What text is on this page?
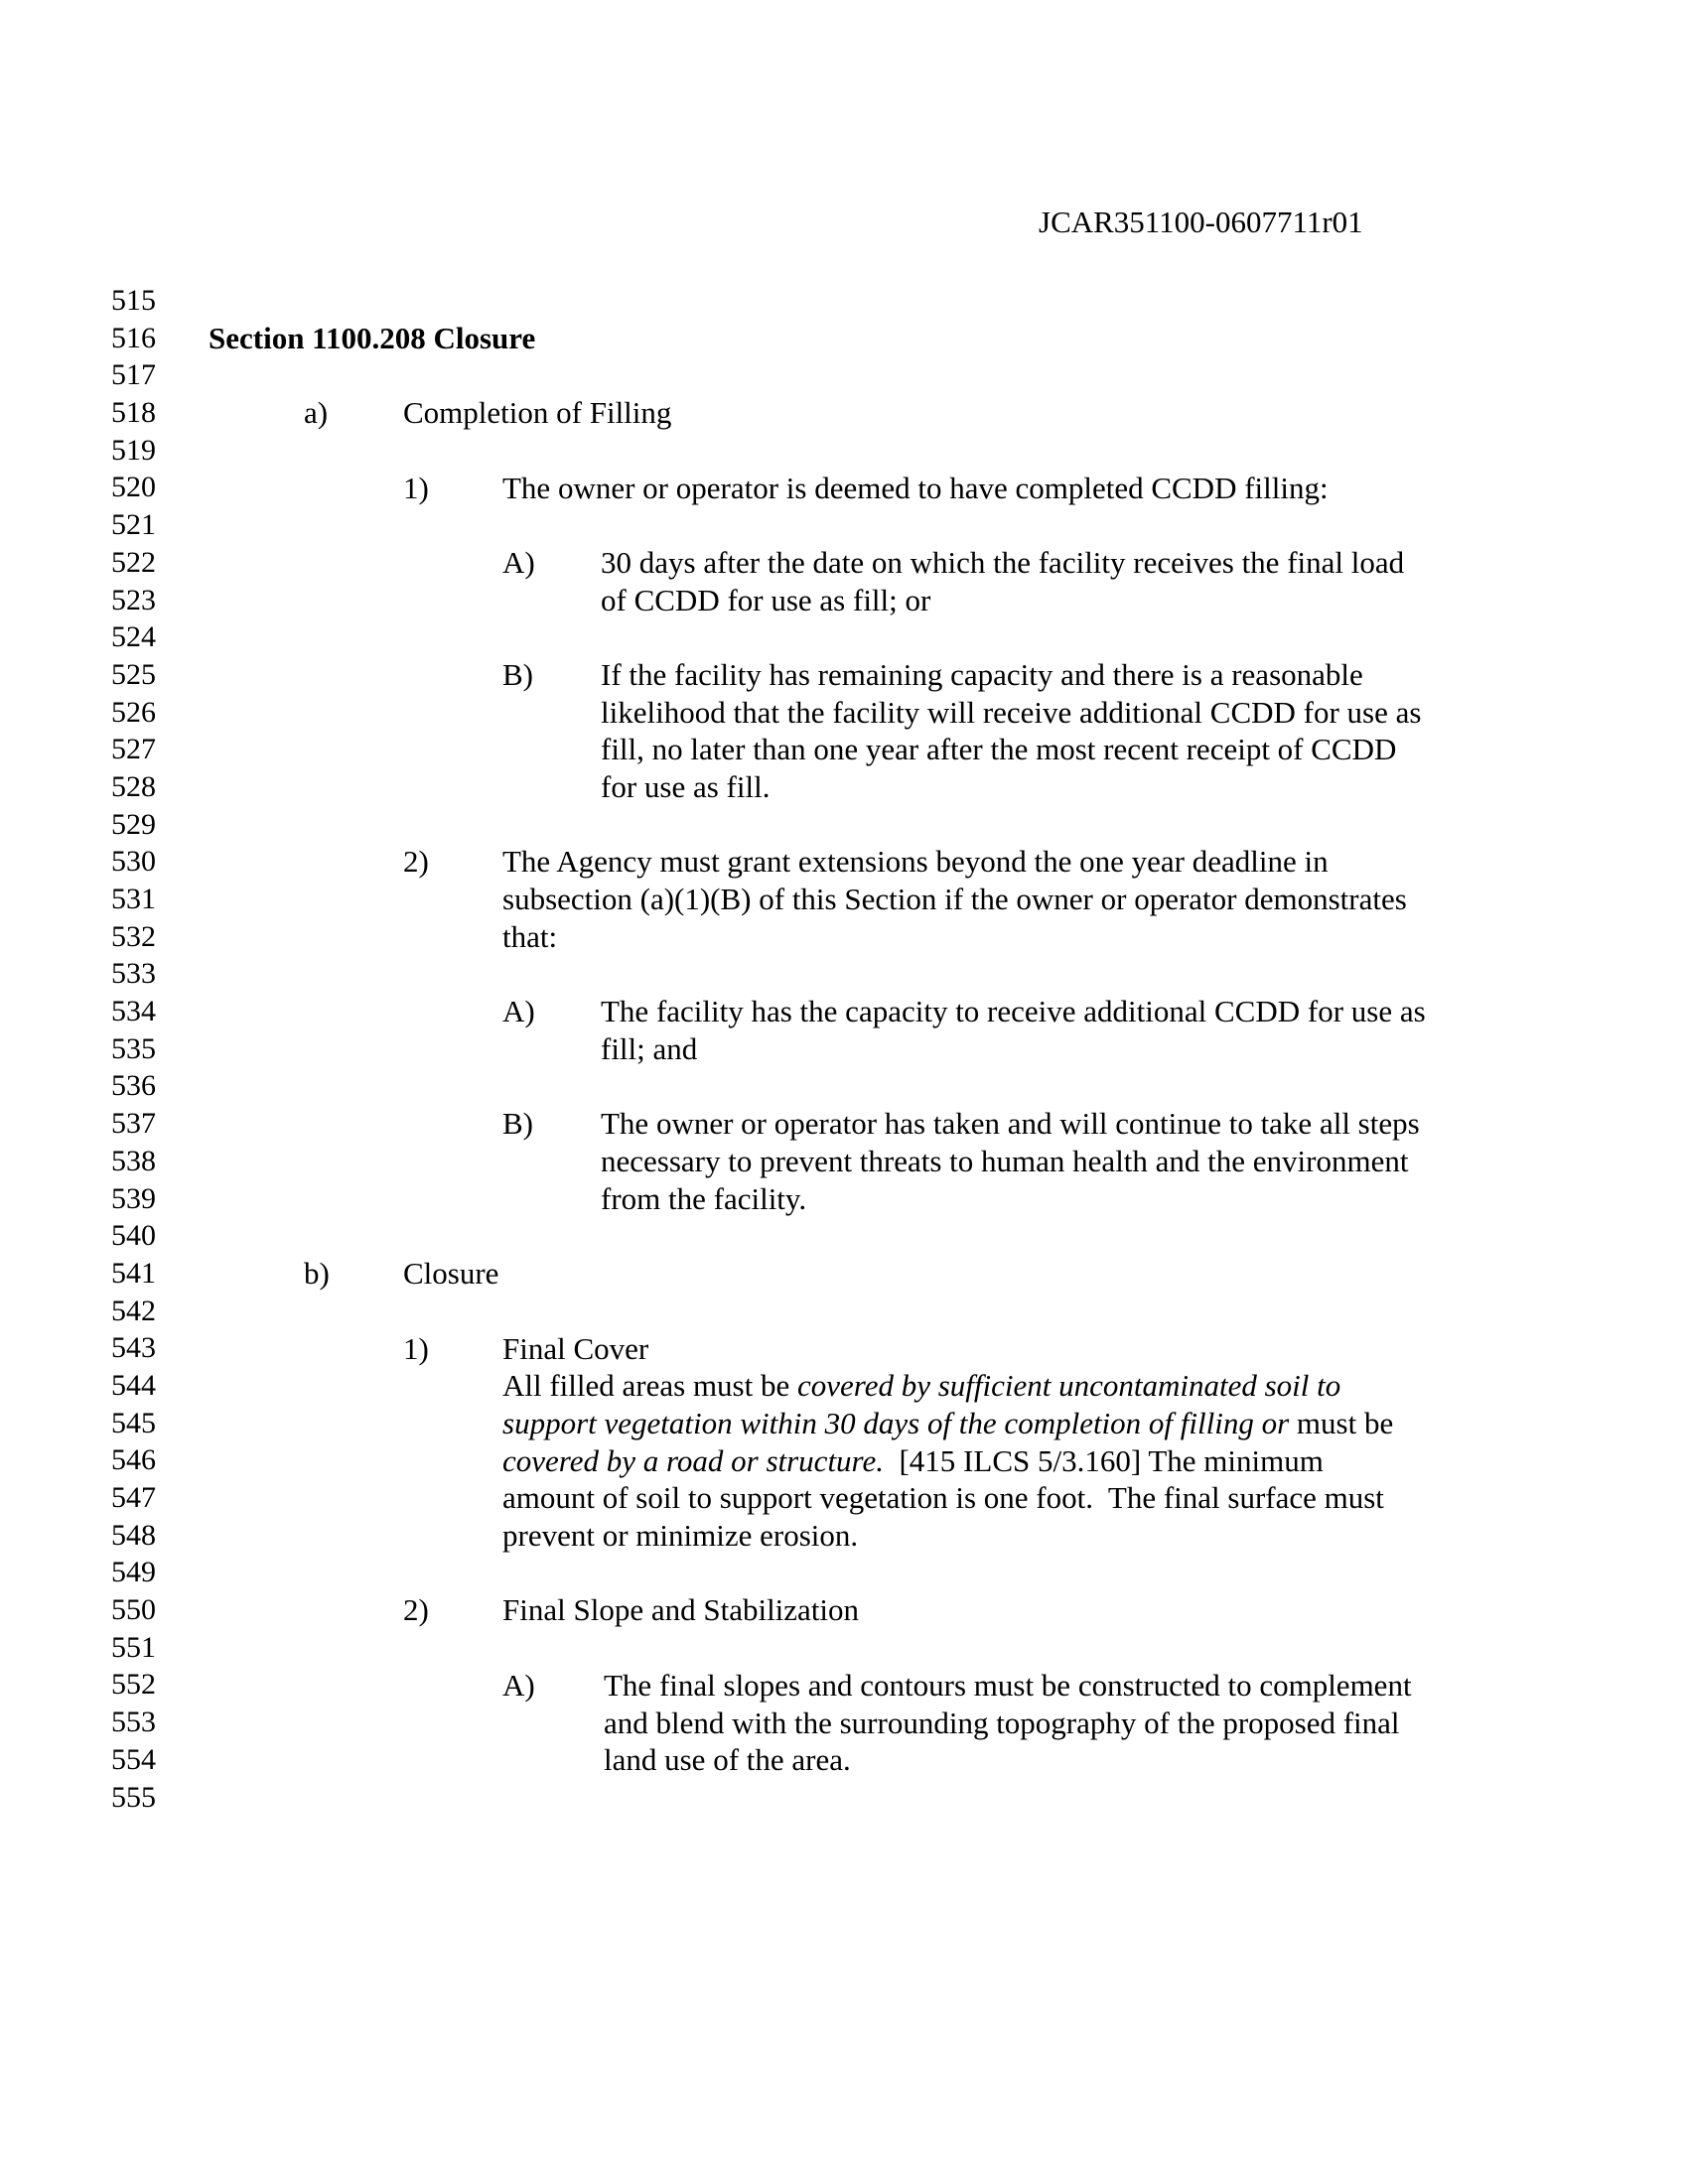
JCAR351100-0607711r01
515
516
517
518
519
520
521
522
523
524
525
526
527
528
529
530
531
532
533
534
535
536
537
538
539
540
541
542
543
544
545
546
547
548
549
550
551
552
553
554
555
Section 1100.208 Closure
a) Completion of Filling
1) The owner or operator is deemed to have completed CCDD filling:
A) 30 days after the date on which the facility receives the final load
of CCDD for use as fill; or
B) If the facility has remaining capacity and there is a reasonable
likelihood that the facility will receive additional CCDD for use as
fill, no later than one year after the most recent receipt of CCDD
for use as fill.
2) The Agency must grant extensions beyond the one year deadline in
subsection (a)(1)(B) of this Section if the owner or operator demonstrates
that:
A) The facility has the capacity to receive additional CCDD for use as
fill; and
B) The owner or operator has taken and will continue to take all steps
necessary to prevent threats to human health and the environment
from the facility.
b) Closure
1) Final Cover
All filled areas must be covered by sufficient uncontaminated soil to
support vegetation within 30 days of the completion of filling or must be
covered by a road or structure.  [415 ILCS 5/3.160] The minimum
amount of soil to support vegetation is one foot.  The final surface must
prevent or minimize erosion.
2) Final Slope and Stabilization
A) The final slopes and contours must be constructed to complement
and blend with the surrounding topography of the proposed final
land use of the area.
